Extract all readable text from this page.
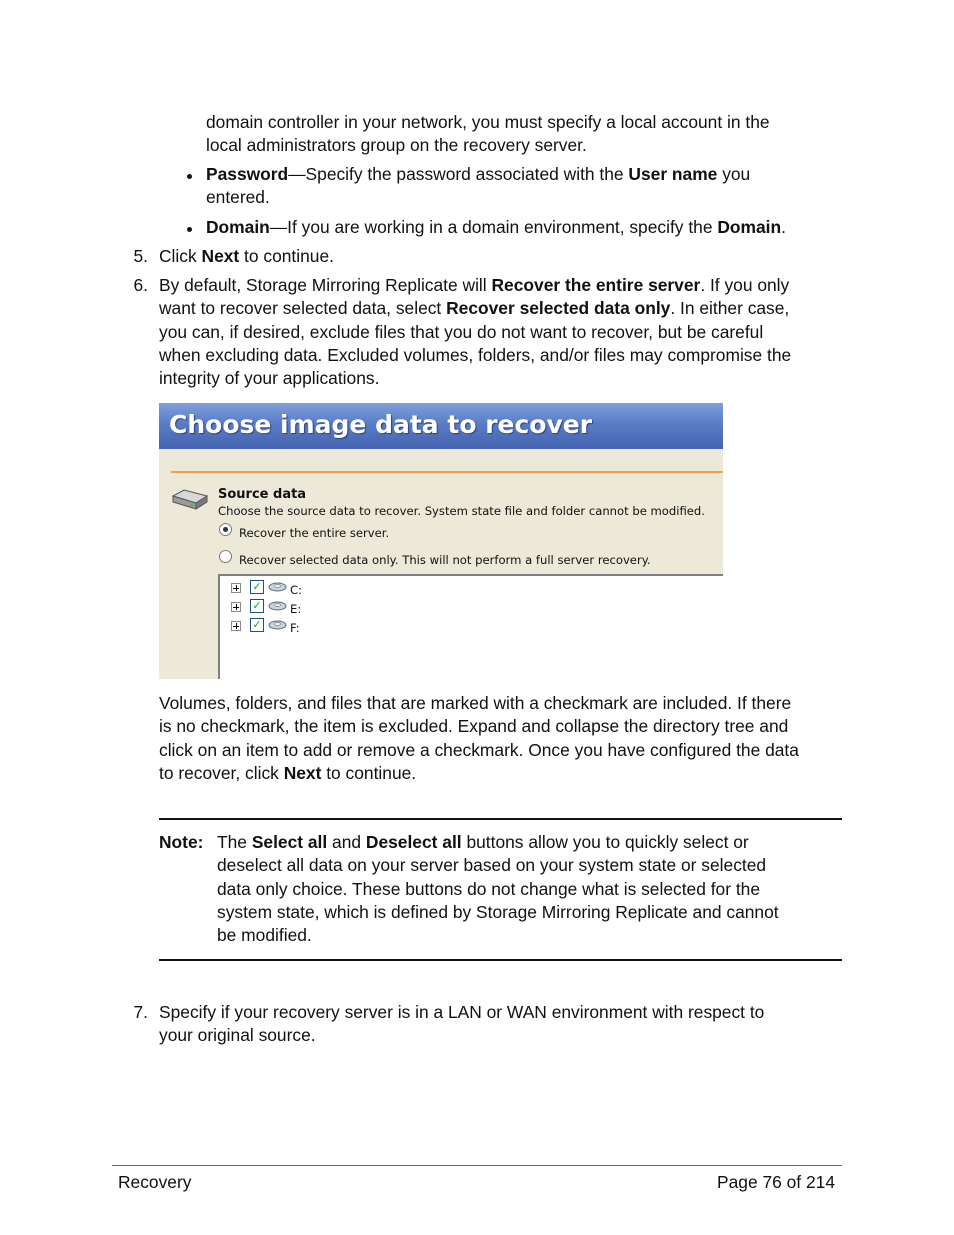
domain controller in your network, you must specify a local account in the
local administrators group on the recovery server.
Password—Specify the password associated with the User name you
entered.
Domain—If you are working in a domain environment, specify the Domain.
5. Click Next to continue.
6. By default, Storage Mirroring Replicate will Recover the entire server. If you only
want to recover selected data, select Recover selected data only. In either case,
you can, if desired, exclude files that you do not want to recover, but be careful
when excluding data. Excluded volumes, folders, and/or files may compromise the
integrity of your applications.
Choose image data to recover
Source data
Choose the source data to recover. System state file and folder cannot be modified.
Recover the entire server.
Recover selected data only. This will not perform a full server recovery.
✓ C:
✓ E:
✓ F:
Volumes, folders, and files that are marked with a checkmark are included. If there
is no checkmark, the item is excluded. Expand and collapse the directory tree and
click on an item to add or remove a checkmark. Once you have configured the data
to recover, click Next to continue.
Note: The Select all and Deselect all buttons allow you to quickly select or
deselect all data on your server based on your system state or selected
data only choice. These buttons do not change what is selected for the
system state, which is defined by Storage Mirroring Replicate and cannot
be modified.
7. Specify if your recovery server is in a LAN or WAN environment with respect to
your original source.
Recovery	Page 76 of 214
